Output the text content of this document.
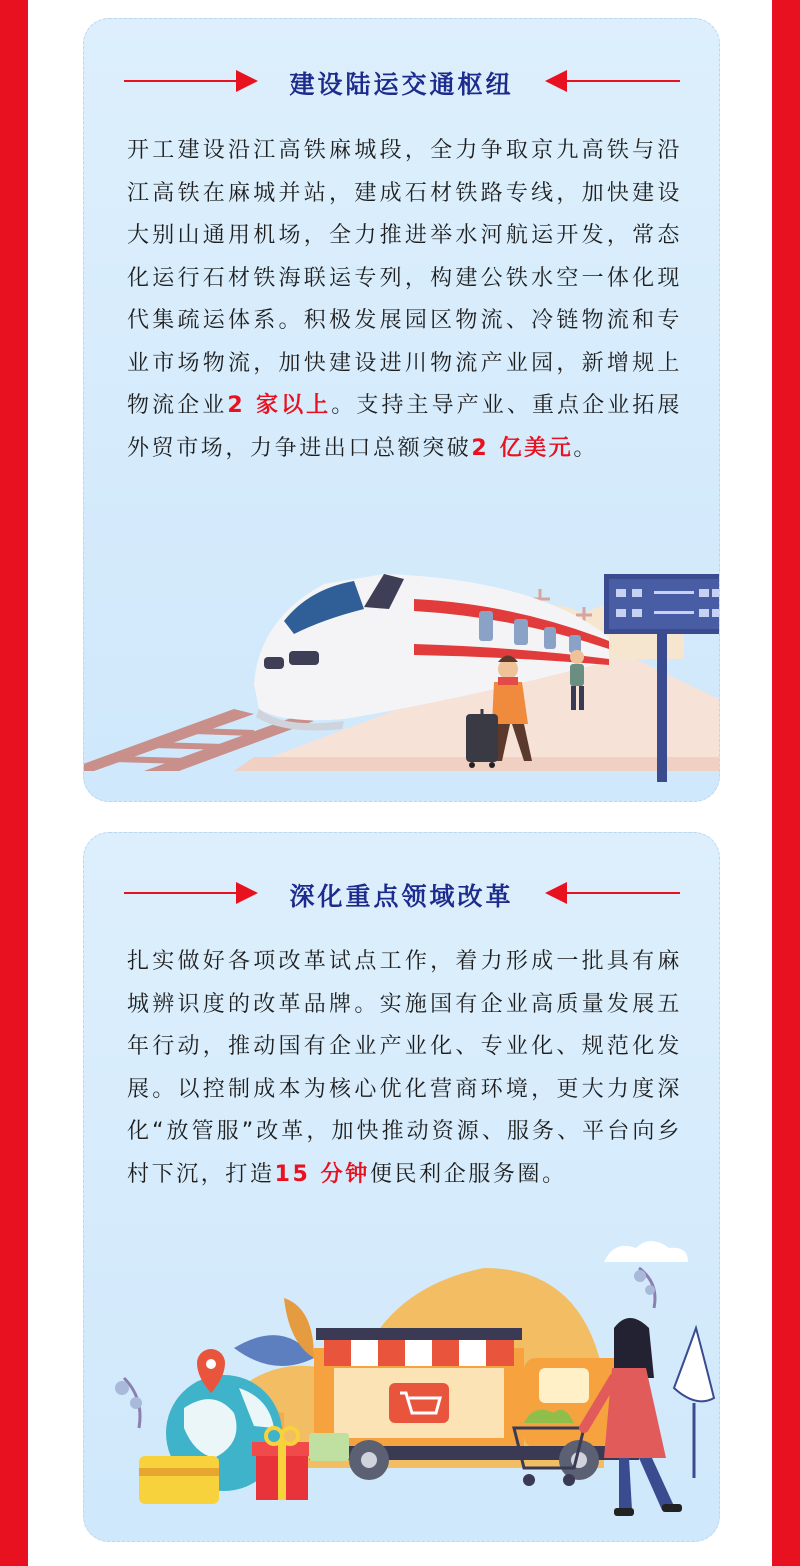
建设陆运交通枢纽

开工建设沿江高铁麻城段，全力争取京九高铁与沿江高铁在麻城并站，建成石材铁路专线，加快建设大别山通用机场，全力推进举水河航运开发，常态化运行石材铁海联运专列，构建公铁水空一体化现代集疏运体系。积极发展园区物流、冷链物流和专业市场物流，加快建设进川物流产业园，新增规上物流企业2 家以上。支持主导产业、重点企业拓展外贸市场，力争进出口总额突破2 亿美元。

深化重点领域改革

扎实做好各项改革试点工作，着力形成一批具有麻城辨识度的改革品牌。实施国有企业高质量发展五年行动，推动国有企业产业化、专业化、规范化发展。以控制成本为核心优化营商环境，更大力度深化“放管服”改革，加快推动资源、服务、平台向乡村下沉，打造15 分钟便民利企服务圈。
